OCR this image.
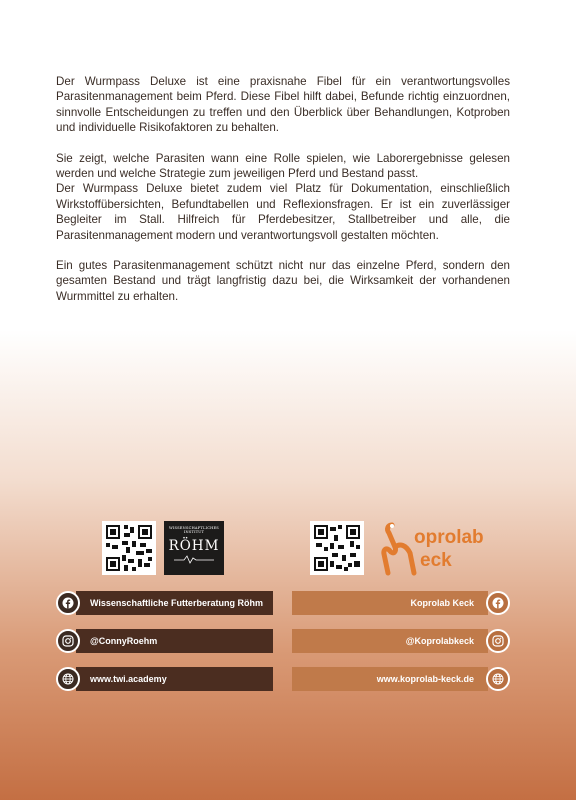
Der Wurmpass Deluxe ist eine praxisnahe Fibel für ein verantwortungsvolles Parasitenmanagement beim Pferd. Diese Fibel hilft dabei, Befunde richtig einzuordnen, sinnvolle Entscheidungen zu treffen und den Überblick über Behandlungen, Kotproben und individuelle Risikofaktoren zu behalten.

Sie zeigt, welche Parasiten wann eine Rolle spielen, wie Laborergebnisse gelesen werden und welche Strategie zum jeweiligen Pferd und Bestand passt.

Der Wurmpass Deluxe bietet zudem viel Platz für Dokumentation, einschließlich Wirkstoffübersichten, Befundtabellen und Reflexionsfragen. Er ist ein zuverlässiger Begleiter im Stall. Hilfreich für Pferdebesitzer, Stallbetreiber und alle, die Parasitenmanagement modern und verantwortungsvoll gestalten möchten.

Ein gutes Parasitenmanagement schützt nicht nur das einzelne Pferd, sondern den gesamten Bestand und trägt langfristig dazu bei, die Wirksamkeit der vorhandenen Wurmmittel zu erhalten.

WISSENSCHAFTLICHES INSTITUT
RÖHM	oprolab
eck
Wissenschaftliche Futterberatung Röhm
@ConnyRoehm
www.twi.academy
Koprolab Keck
@Koprolabkeck
www.koprolab-keck.de
